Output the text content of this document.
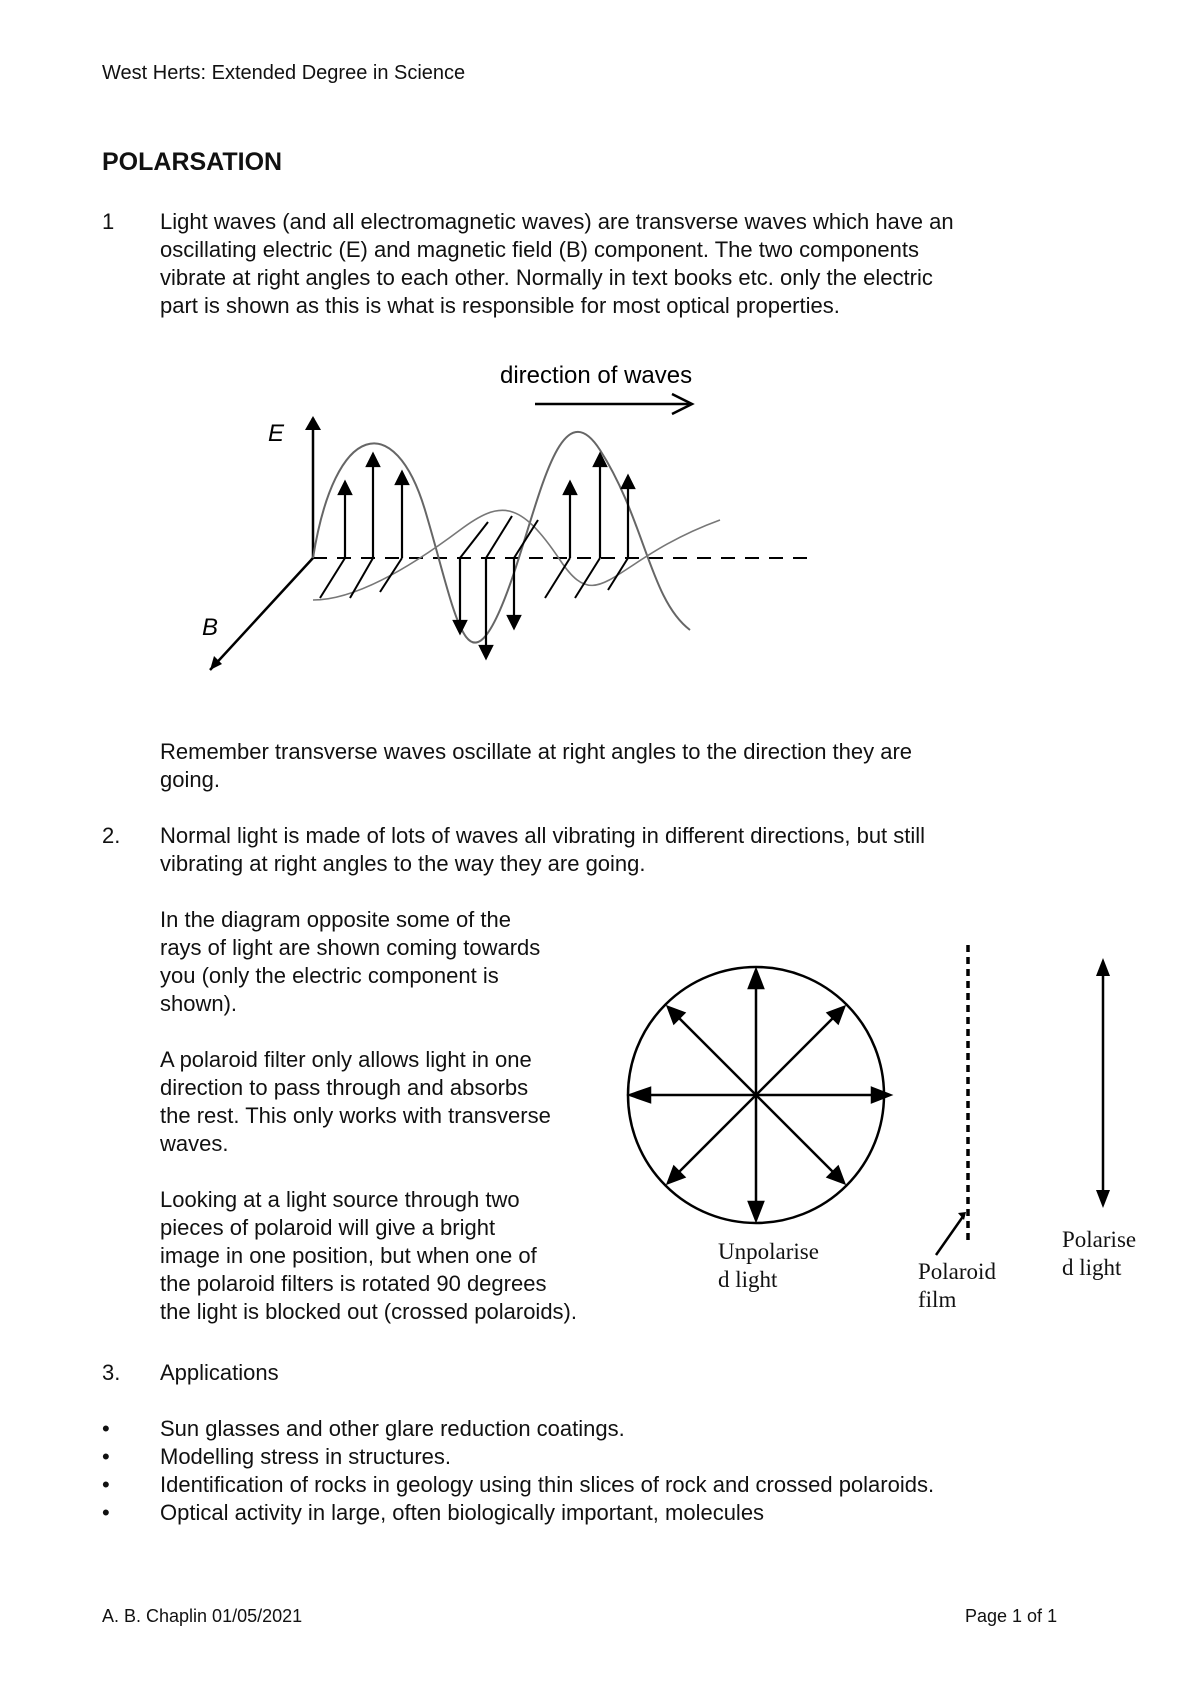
West Herts: Extended Degree in Science
POLARSATION
1 Light waves (and all electromagnetic waves) are transverse waves which have an
oscillating electric (E) and magnetic field (B) component. The two components
vibrate at right angles to each other. Normally in text books etc. only the electric
part is shown as this is what is responsible for most optical properties.
direction of waves
E
B
Remember transverse waves oscillate at right angles to the direction they are
going.
2. Normal light is made of lots of waves all vibrating in different directions, but still
vibrating at right angles to the way they are going.
In the diagram opposite some of the
rays of light are shown coming towards
you (only the electric component is
shown).
A polaroid filter only allows light in one
direction to pass through and absorbs
the rest. This only works with transverse
waves.
Looking at a light source through two
pieces of polaroid will give a bright
image in one position, but when one of
the polaroid filters is rotated 90 degrees
the light is blocked out (crossed polaroids).
Unpolarise
d light	Polaroid
film
Polarise
d light
3. Applications
• Sun glasses and other glare reduction coatings.
• Modelling stress in structures.
• Identification of rocks in geology using thin slices of rock and crossed polaroids.
• Optical activity in large, often biologically important, molecules
A. B. Chaplin 01/05/2021	Page 1 of 1
